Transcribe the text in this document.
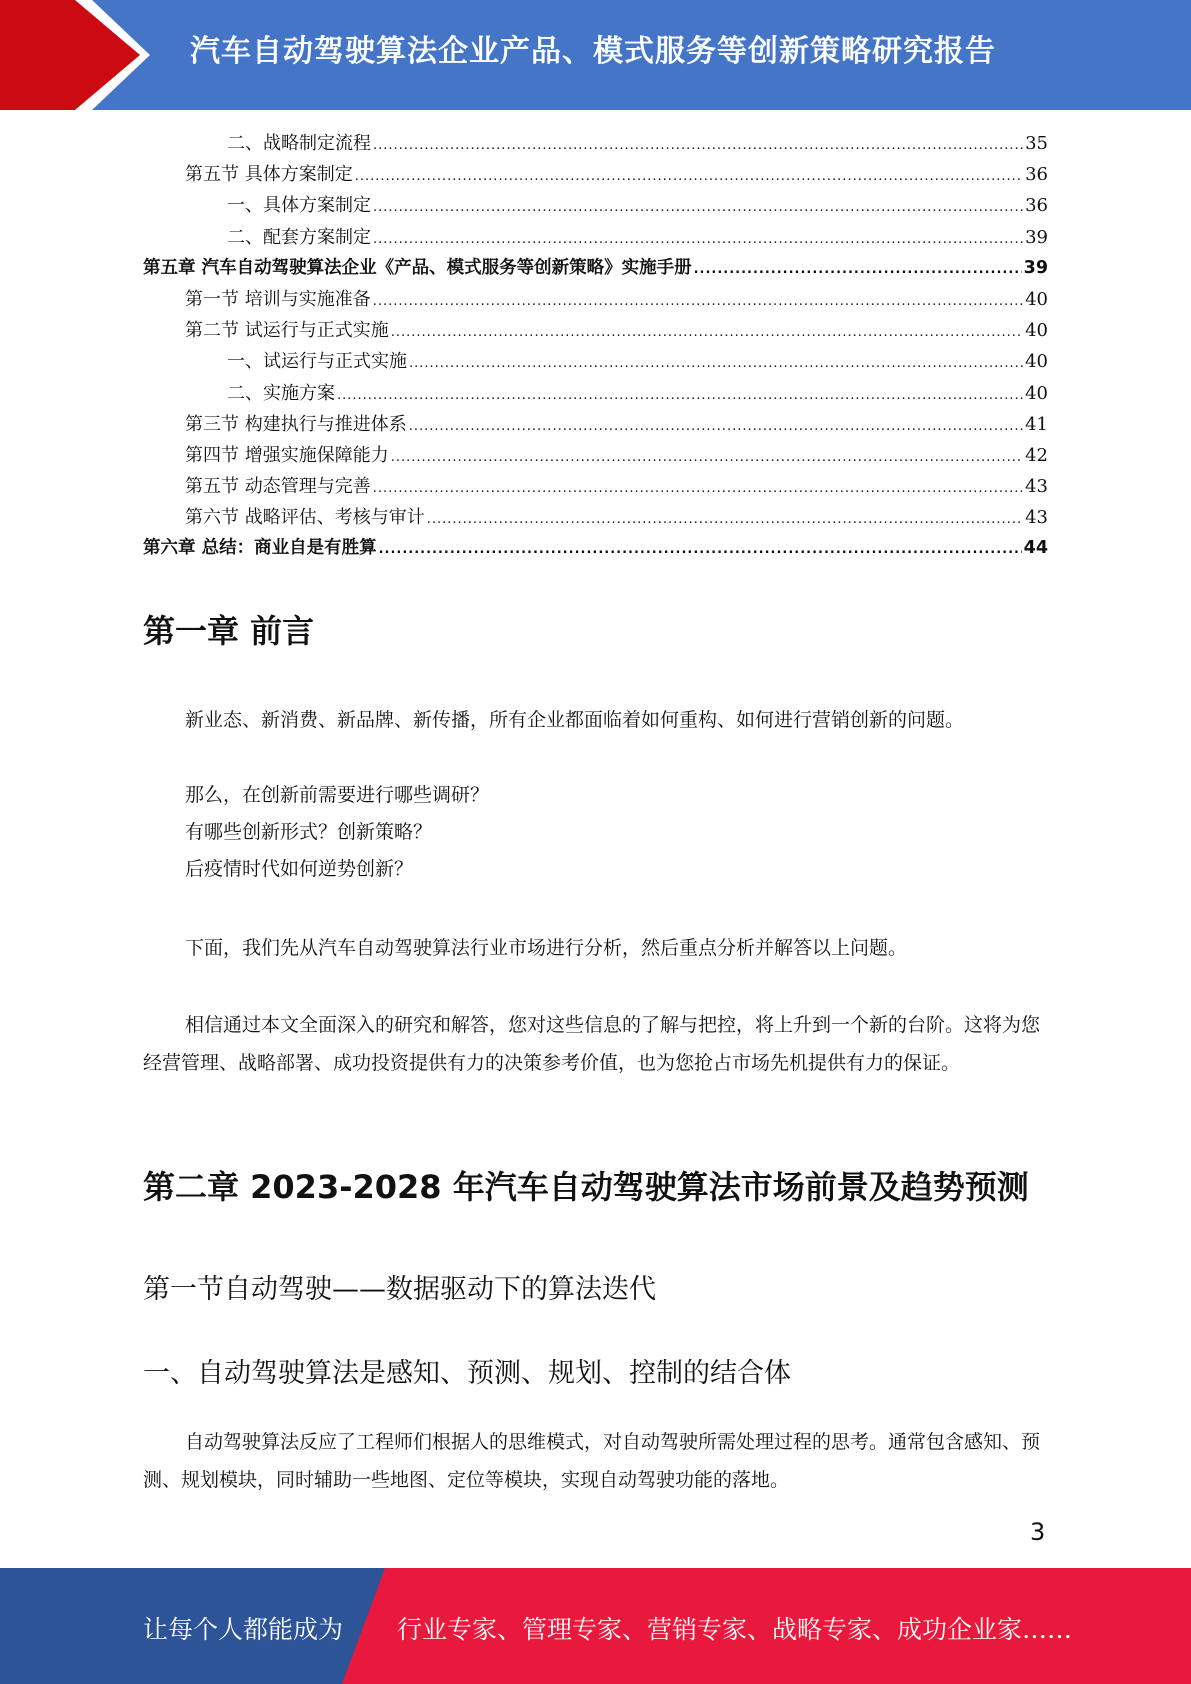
汽车自动驾驶算法企业产品、模式服务等创新策略研究报告
二、战略制定流程 .....	35
第五节 具体方案制定 .....	36
一、具体方案制定 .....	36
二、配套方案制定 .....	39
第五章 汽车自动驾驶算法企业《产品、模式服务等创新策略》实施手册 .....	39
第一节 培训与实施准备 .....	40
第二节 试运行与正式实施 .....	40
一、试运行与正式实施 .....	40
二、实施方案 .....	40
第三节 构建执行与推进体系 .....	41
第四节 增强实施保障能力 .....	42
第五节 动态管理与完善 .....	43
第六节 战略评估、考核与审计 .....	43
第六章 总结：商业自是有胜算 .....	44
第一章 前言
新业态、新消费、新品牌、新传播，所有企业都面临着如何重构、如何进行营销创新的问题。
那么，在创新前需要进行哪些调研？
有哪些创新形式？创新策略？
后疫情时代如何逆势创新？
下面，我们先从汽车自动驾驶算法行业市场进行分析，然后重点分析并解答以上问题。
相信通过本文全面深入的研究和解答，您对这些信息的了解与把控，将上升到一个新的台阶。这将为您经营管理、战略部署、成功投资提供有力的决策参考价值，也为您抢占市场先机提供有力的保证。
第二章 2023-2028 年汽车自动驾驶算法市场前景及趋势预测
第一节自动驾驶——数据驱动下的算法迭代
一、自动驾驶算法是感知、预测、规划、控制的结合体
自动驾驶算法反应了工程师们根据人的思维模式，对自动驾驶所需处理过程的思考。通常包含感知、预测、规划模块，同时辅助一些地图、定位等模块，实现自动驾驶功能的落地。
3
让每个人都能成为 行业专家、管理专家、营销专家、战略专家、成功企业家……
